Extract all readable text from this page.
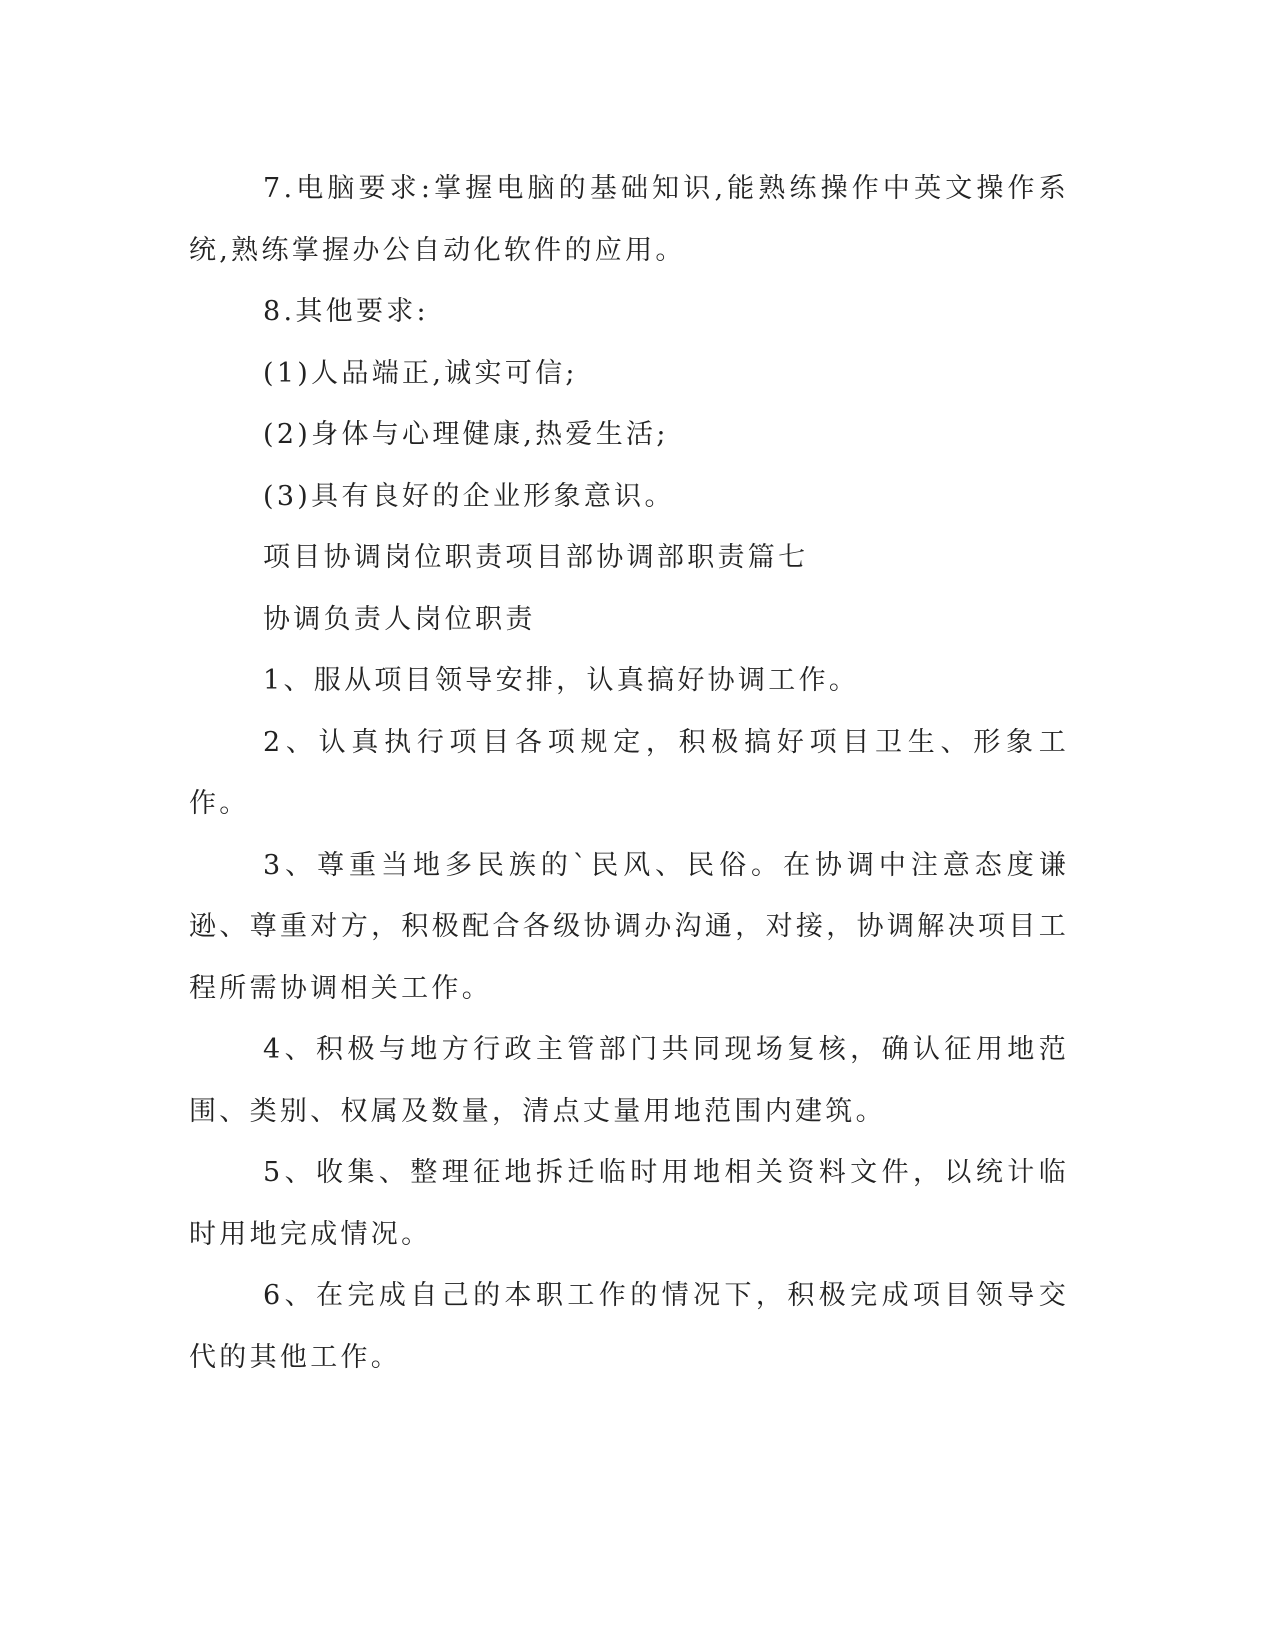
7.电脑要求:掌握电脑的基础知识,能熟练操作中英文操作系统,熟练掌握办公自动化软件的应用。

8.其他要求:

(1)人品端正,诚实可信;

(2)身体与心理健康,热爱生活;

(3)具有良好的企业形象意识。

项目协调岗位职责项目部协调部职责篇七

协调负责人岗位职责

1、服从项目领导安排，认真搞好协调工作。

2、认真执行项目各项规定，积极搞好项目卫生、形象工作。

3、尊重当地多民族的`民风、民俗。在协调中注意态度谦逊、尊重对方，积极配合各级协调办沟通，对接，协调解决项目工程所需协调相关工作。

4、积极与地方行政主管部门共同现场复核，确认征用地范围、类别、权属及数量，清点丈量用地范围内建筑。

5、收集、整理征地拆迁临时用地相关资料文件，以统计临时用地完成情况。

6、在完成自己的本职工作的情况下，积极完成项目领导交代的其他工作。
